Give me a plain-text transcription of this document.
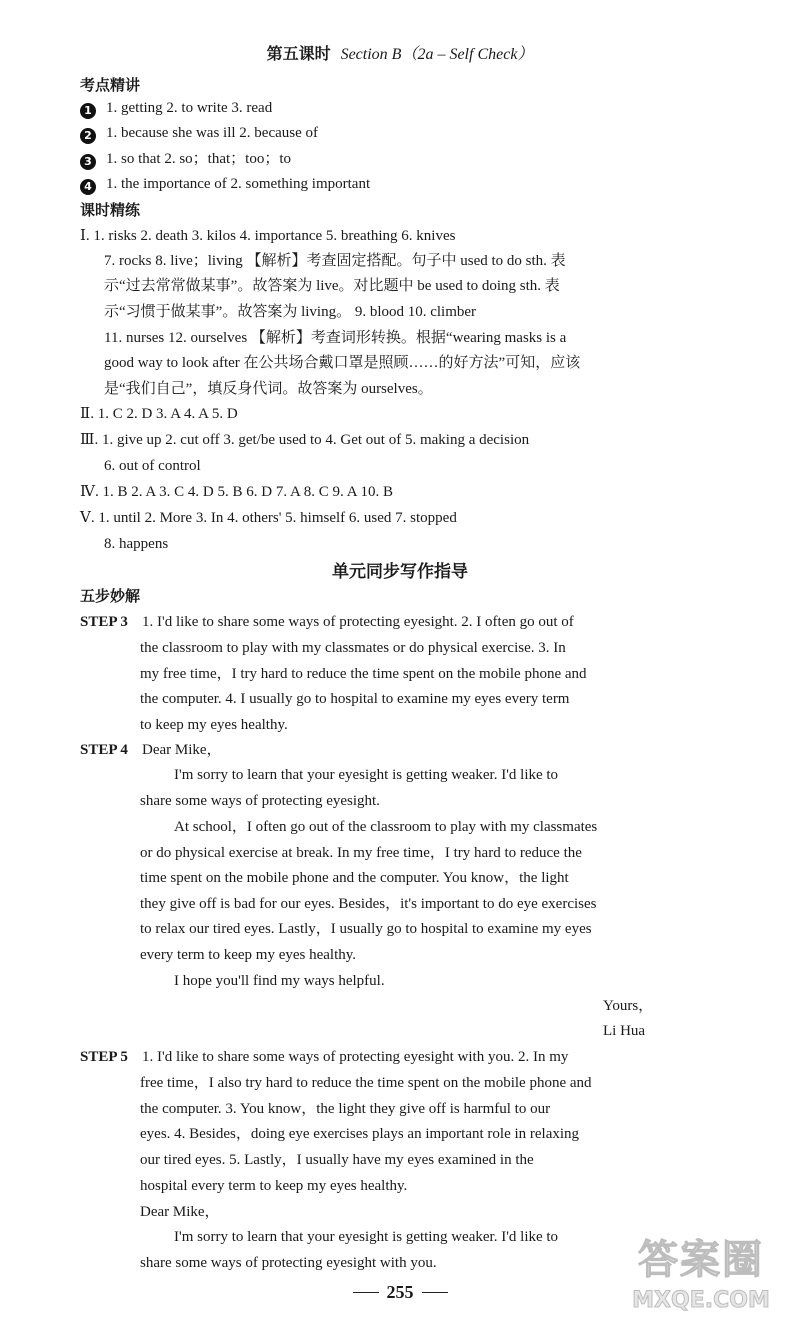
第五课时 Section B（2a – Self Check）
考点精讲
1 1. getting 2. to write 3. read
2 1. because she was ill 2. because of
3 1. so that 2. so；that；too；to
4 1. the importance of 2. something important
课时精练
Ⅰ. 1. risks 2. death 3. kilos 4. importance 5. breathing 6. knives
7. rocks 8. live；living 【解析】考查固定搭配。句子中 used to do sth. 表
示“过去常常做某事”。故答案为 live。对比题中 be used to doing sth. 表
示“习惯于做某事”。故答案为 living。 9. blood 10. climber
11. nurses 12. ourselves 【解析】考查词形转换。根据“wearing masks is a
good way to look after 在公共场合戴口罩是照顾……的好方法”可知，应该
是“我们自己”，填反身代词。故答案为 ourselves。
Ⅱ. 1. C 2. D 3. A 4. A 5. D
Ⅲ. 1. give up 2. cut off 3. get/be used to 4. Get out of 5. making a decision
6. out of control
Ⅳ. 1. B 2. A 3. C 4. D 5. B 6. D 7. A 8. C 9. A 10. B
Ⅴ. 1. until 2. More 3. In 4. others' 5. himself 6. used 7. stopped
8. happens
单元同步写作指导
五步妙解
STEP 3 1. I'd like to share some ways of protecting eyesight. 2. I often go out of
the classroom to play with my classmates or do physical exercise. 3. In
my free time，I try hard to reduce the time spent on the mobile phone and
the computer. 4. I usually go to hospital to examine my eyes every term
to keep my eyes healthy.
STEP 4 Dear Mike，
I'm sorry to learn that your eyesight is getting weaker. I'd like to
share some ways of protecting eyesight.
At school，I often go out of the classroom to play with my classmates
or do physical exercise at break. In my free time，I try hard to reduce the
time spent on the mobile phone and the computer. You know，the light
they give off is bad for our eyes. Besides，it's important to do eye exercises
to relax our tired eyes. Lastly，I usually go to hospital to examine my eyes
every term to keep my eyes healthy.
I hope you'll find my ways helpful.
Yours，
Li Hua
STEP 5 1. I'd like to share some ways of protecting eyesight with you. 2. In my
free time，I also try hard to reduce the time spent on the mobile phone and
the computer. 3. You know，the light they give off is harmful to our
eyes. 4. Besides，doing eye exercises plays an important role in relaxing
our tired eyes. 5. Lastly，I usually have my eyes examined in the
hospital every term to keep my eyes healthy.
Dear Mike，
I'm sorry to learn that your eyesight is getting weaker. I'd like to
share some ways of protecting eyesight with you.
255
答案圈
MXQE.COM
